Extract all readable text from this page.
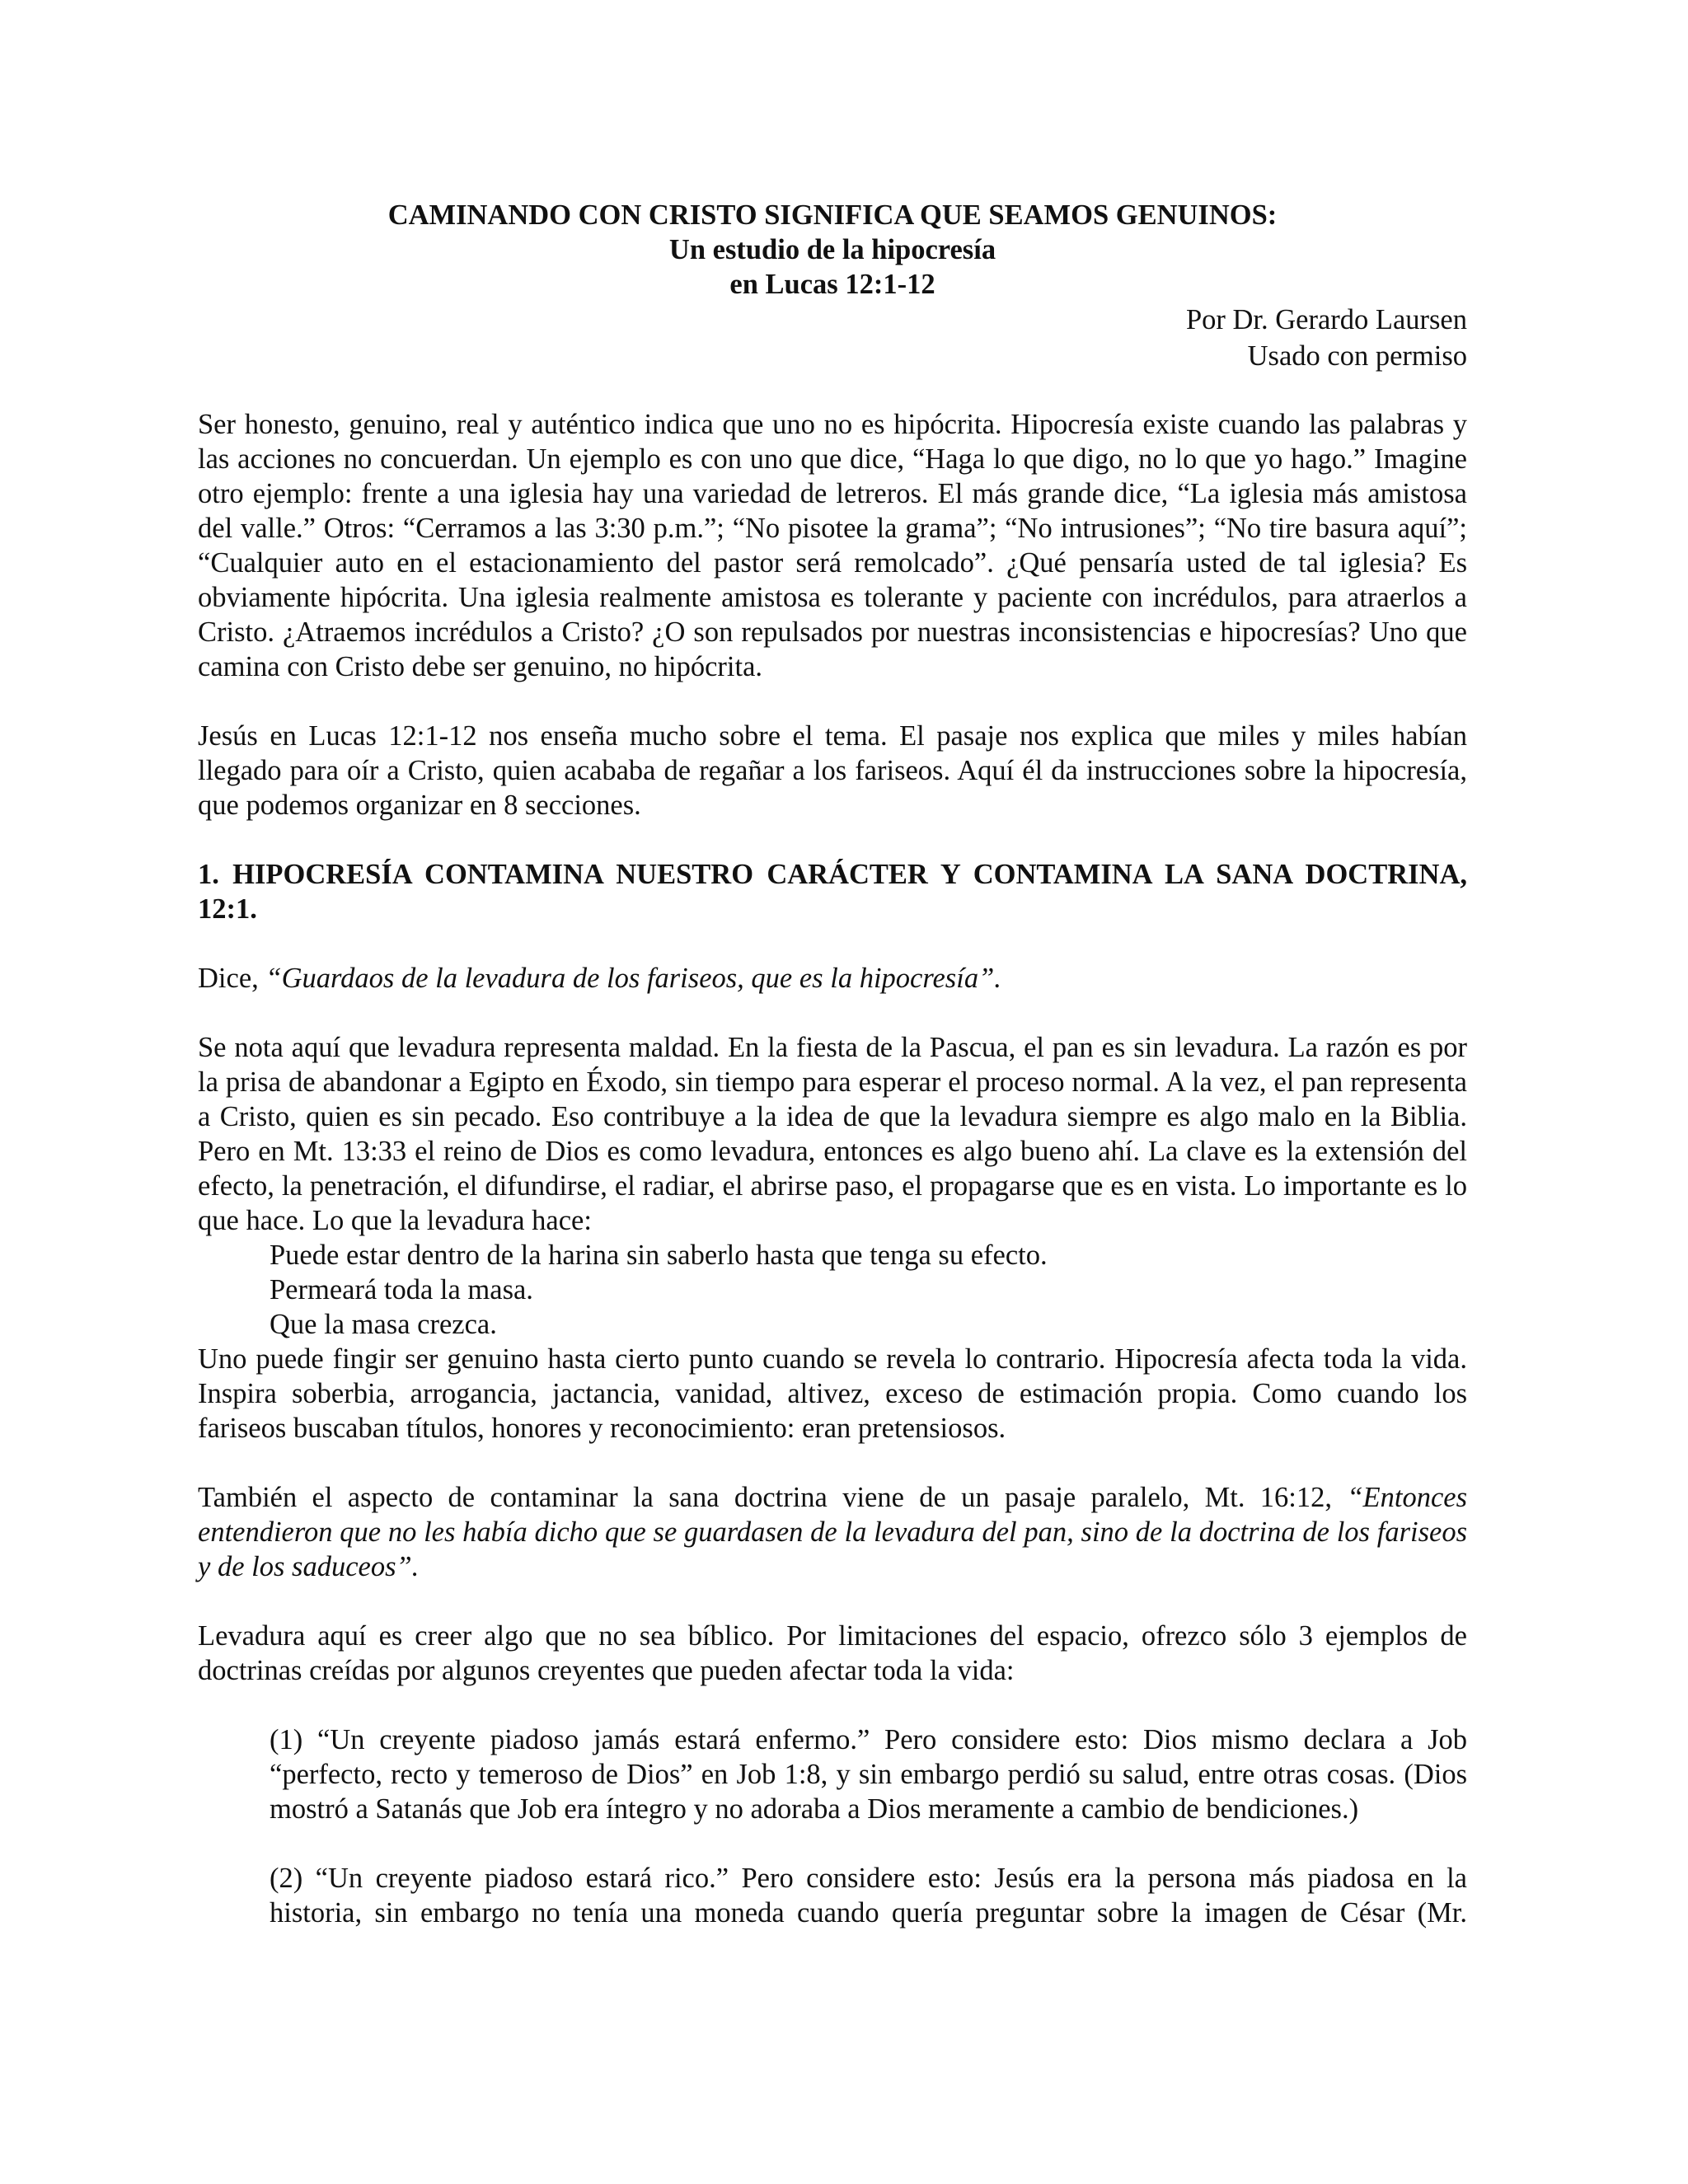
CAMINANDO CON CRISTO SIGNIFICA QUE SEAMOS GENUINOS:
Un estudio de la hipocresía
en Lucas 12:1-12
Por Dr. Gerardo Laursen
Usado con permiso

Ser honesto, genuino, real y auténtico indica que uno no es hipócrita. Hipocresía existe cuando las palabras y las acciones no concuerdan. Un ejemplo es con uno que dice, “Haga lo que digo, no lo que yo hago.” Imagine otro ejemplo: frente a una iglesia hay una variedad de letreros. El más grande dice, “La iglesia más amistosa del valle.” Otros: “Cerramos a las 3:30 p.m.”; “No pisotee la grama”; “No intrusiones”; “No tire basura aquí”; “Cualquier auto en el estacionamiento del pastor será remolcado”. ¿Qué pensaría usted de tal iglesia? Es obviamente hipócrita. Una iglesia realmente amistosa es tolerante y paciente con incrédulos, para atraerlos a Cristo. ¿Atraemos incrédulos a Cristo? ¿O son repulsados por nuestras inconsistencias e hipocresías? Uno que camina con Cristo debe ser genuino, no hipócrita.

Jesús en Lucas 12:1-12 nos enseña mucho sobre el tema. El pasaje nos explica que miles y miles habían llegado para oír a Cristo, quien acababa de regañar a los fariseos. Aquí él da instrucciones sobre la hipocresía, que podemos organizar en 8 secciones.

1. HIPOCRESÍA CONTAMINA NUESTRO CARÁCTER Y CONTAMINA LA SANA DOCTRINA, 12:1.

Dice, “Guardaos de la levadura de los fariseos, que es la hipocresía”.

Se nota aquí que levadura representa maldad. En la fiesta de la Pascua, el pan es sin levadura. La razón es por la prisa de abandonar a Egipto en Éxodo, sin tiempo para esperar el proceso normal. A la vez, el pan representa a Cristo, quien es sin pecado. Eso contribuye a la idea de que la levadura siempre es algo malo en la Biblia. Pero en Mt. 13:33 el reino de Dios es como levadura, entonces es algo bueno ahí. La clave es la extensión del efecto, la penetración, el difundirse, el radiar, el abrirse paso, el propagarse que es en vista. Lo importante es lo que hace. Lo que la levadura hace:

Puede estar dentro de la harina sin saberlo hasta que tenga su efecto.
Permeará toda la masa.
Que la masa crezca.

Uno puede fingir ser genuino hasta cierto punto cuando se revela lo contrario. Hipocresía afecta toda la vida. Inspira soberbia, arrogancia, jactancia, vanidad, altivez, exceso de estimación propia. Como cuando los fariseos buscaban títulos, honores y reconocimiento: eran pretensiosos.

También el aspecto de contaminar la sana doctrina viene de un pasaje paralelo, Mt. 16:12, “Entonces entendieron que no les había dicho que se guardasen de la levadura del pan, sino de la doctrina de los fariseos y de los saduceos”.

Levadura aquí es creer algo que no sea bíblico. Por limitaciones del espacio, ofrezco sólo 3 ejemplos de doctrinas creídas por algunos creyentes que pueden afectar toda la vida:

(1) “Un creyente piadoso jamás estará enfermo.” Pero considere esto: Dios mismo declara a Job “perfecto, recto y temeroso de Dios” en Job 1:8, y sin embargo perdió su salud, entre otras cosas. (Dios mostró a Satanás que Job era íntegro y no adoraba a Dios meramente a cambio de bendiciones.)

(2) “Un creyente piadoso estará rico.” Pero considere esto: Jesús era la persona más piadosa en la historia, sin embargo no tenía una moneda cuando quería preguntar sobre la imagen de César (Mr.
